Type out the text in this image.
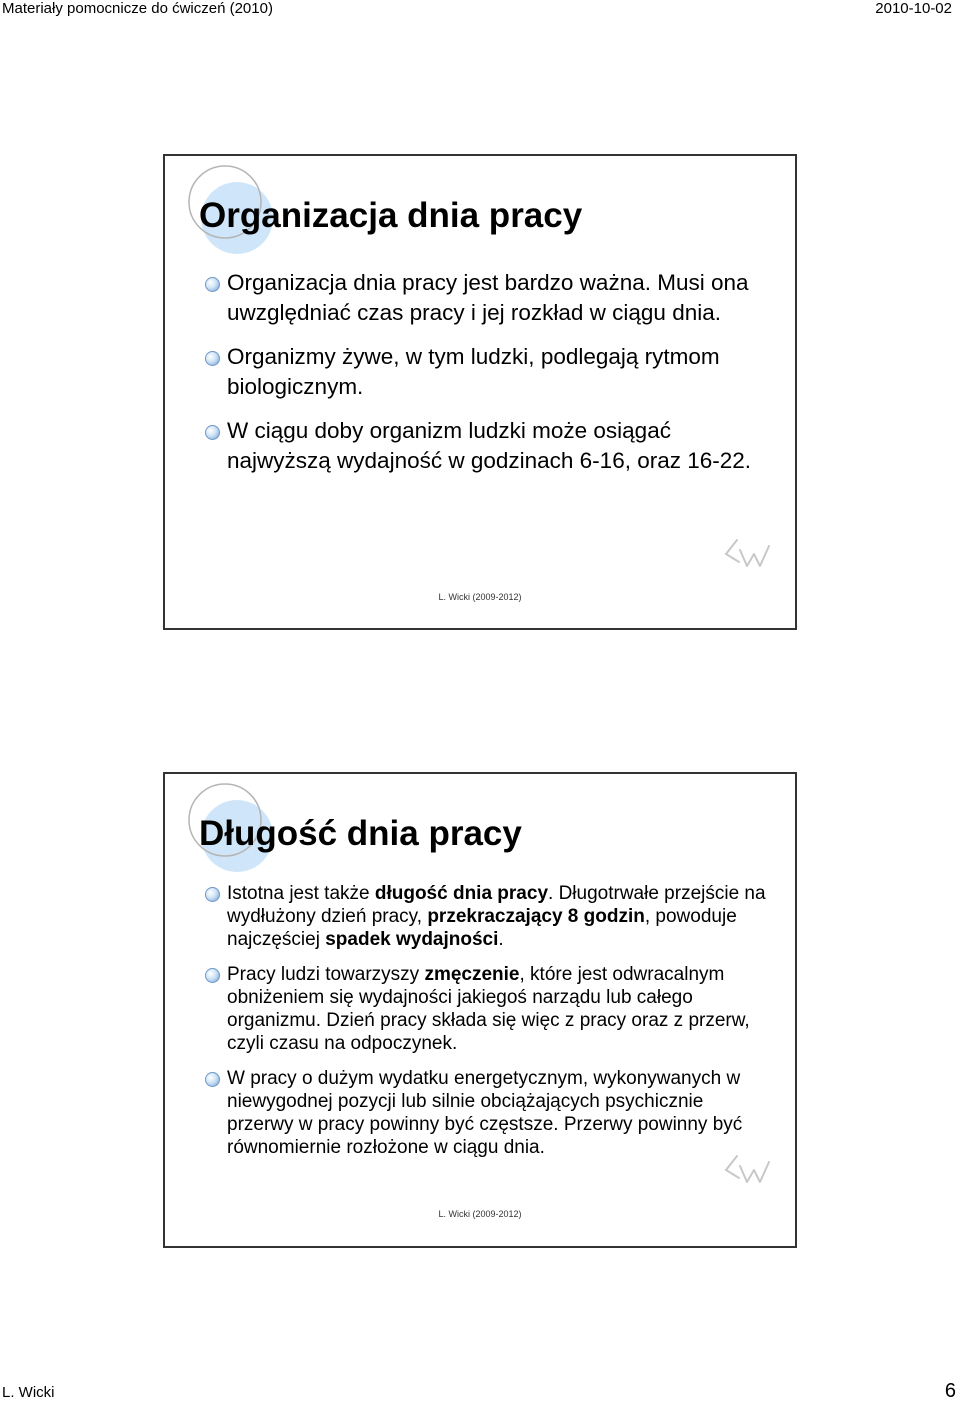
Materiały pomocnicze do ćwiczeń (2010)	2010-10-02
Organizacja dnia pracy
Organizacja dnia pracy jest bardzo ważna. Musi ona uwzględniać czas pracy i jej rozkład w ciągu dnia.
Organizmy żywe, w tym ludzki, podlegają rytmom biologicznym.
W ciągu doby organizm ludzki może osiągać najwyższą wydajność w godzinach 6-16, oraz 16-22.
L. Wicki (2009-2012)
Długość dnia pracy
Istotna jest także długość dnia pracy. Długotrwałe przejście na wydłużony dzień pracy, przekraczający 8 godzin, powoduje najczęściej spadek wydajności.
Pracy ludzi towarzyszy zmęczenie, które jest odwracalnym obniżeniem się wydajności jakiegoś narządu lub całego organizmu. Dzień pracy składa się więc z pracy oraz z przerw, czyli czasu na odpoczynek.
W pracy o dużym wydatku energetycznym, wykonywanych w niewygodnej pozycji lub silnie obciążających psychicznie przerwy w pracy powinny być częstsze. Przerwy powinny być równomiernie rozłożone w ciągu dnia.
L. Wicki (2009-2012)
L. Wicki	6
